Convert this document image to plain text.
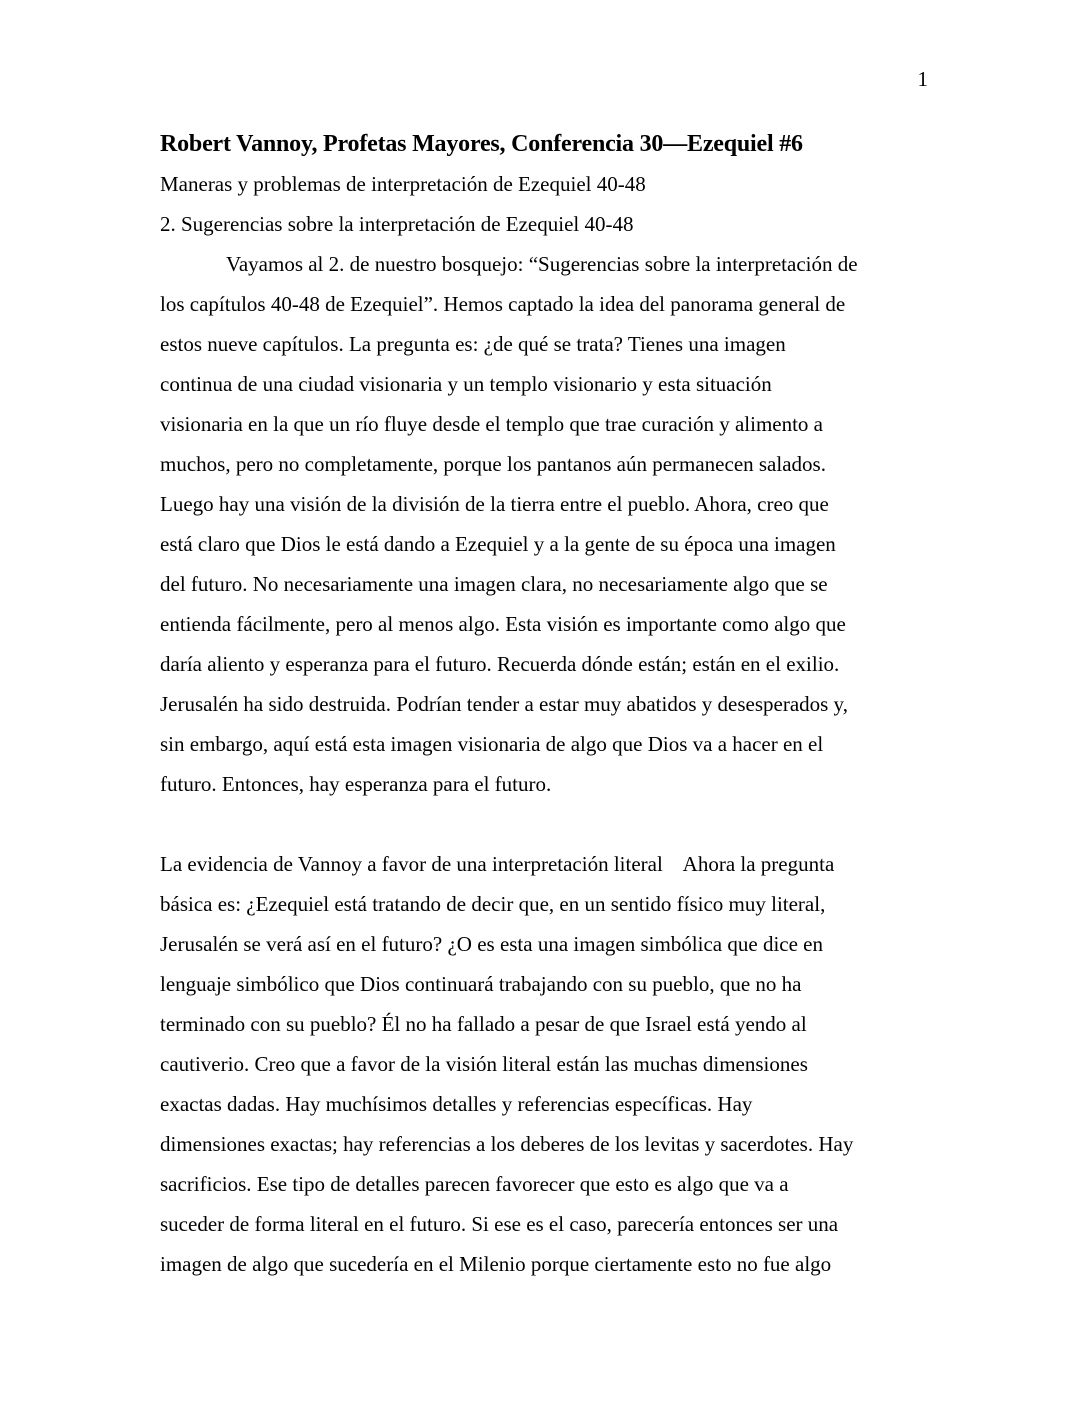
1
Robert Vannoy, Profetas Mayores, Conferencia 30—Ezequiel #6
Maneras y problemas de interpretación de Ezequiel 40-48
2. Sugerencias sobre la interpretación de Ezequiel 40-48
Vayamos al 2. de nuestro bosquejo: “Sugerencias sobre la interpretación de
los capítulos 40-48 de Ezequiel”. Hemos captado la idea del panorama general de
estos nueve capítulos. La pregunta es: ¿de qué se trata? Tienes una imagen
continua de una ciudad visionaria y un templo visionario y esta situación
visionaria en la que un río fluye desde el templo que trae curación y alimento a
muchos, pero no completamente, porque los pantanos aún permanecen salados.
Luego hay una visión de la división de la tierra entre el pueblo. Ahora, creo que
está claro que Dios le está dando a Ezequiel y a la gente de su época una imagen
del futuro. No necesariamente una imagen clara, no necesariamente algo que se
entienda fácilmente, pero al menos algo. Esta visión es importante como algo que
daría aliento y esperanza para el futuro. Recuerda dónde están; están en el exilio.
Jerusalén ha sido destruida. Podrían tender a estar muy abatidos y desesperados y,
sin embargo, aquí está esta imagen visionaria de algo que Dios va a hacer en el
futuro. Entonces, hay esperanza para el futuro.
La evidencia de Vannoy a favor de una interpretación literal Ahora la pregunta
básica es: ¿Ezequiel está tratando de decir que, en un sentido físico muy literal,
Jerusalén se verá así en el futuro? ¿O es esta una imagen simbólica que dice en
lenguaje simbólico que Dios continuará trabajando con su pueblo, que no ha
terminado con su pueblo? Él no ha fallado a pesar de que Israel está yendo al
cautiverio. Creo que a favor de la visión literal están las muchas dimensiones
exactas dadas. Hay muchísimos detalles y referencias específicas. Hay
dimensiones exactas; hay referencias a los deberes de los levitas y sacerdotes. Hay
sacrificios. Ese tipo de detalles parecen favorecer que esto es algo que va a
suceder de forma literal en el futuro. Si ese es el caso, parecería entonces ser una
imagen de algo que sucedería en el Milenio porque ciertamente esto no fue algo
